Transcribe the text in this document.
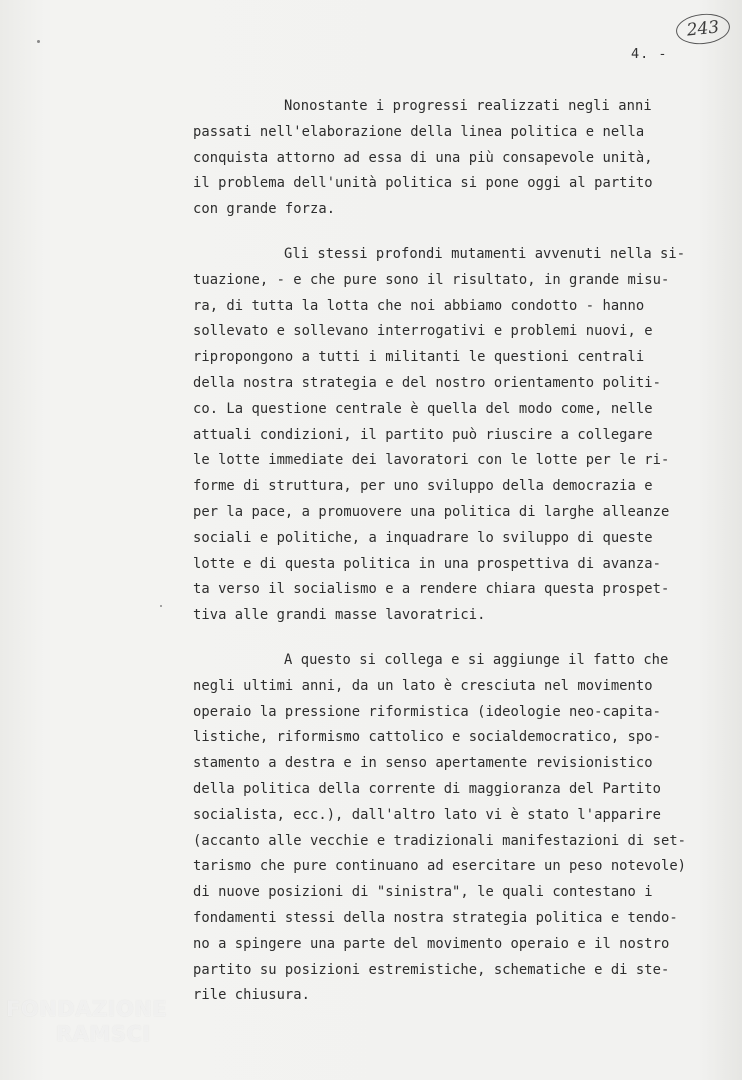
243
4. -
Nonostante i progressi realizzati negli anni
passati nell'elaborazione della linea politica e nella
conquista attorno ad essa di una più consapevole unità,
il problema dell'unità politica si pone oggi al partito
con grande forza.
Gli stessi profondi mutamenti avvenuti nella si-
tuazione, - e che pure sono il risultato, in grande misu-
ra, di tutta la lotta che noi abbiamo condotto - hanno
sollevato e sollevano interrogativi e problemi nuovi, e
ripropongono a tutti i militanti le questioni centrali
della nostra strategia e del nostro orientamento politi-
co. La questione centrale è quella del modo come, nelle
attuali condizioni, il partito può riuscire a collegare
le lotte immediate dei lavoratori con le lotte per le ri-
forme di struttura, per uno sviluppo della democrazia e
per la pace, a promuovere una politica di larghe alleanze
sociali e politiche, a inquadrare lo sviluppo di queste
lotte e di questa politica in una prospettiva di avanza-
ta verso il socialismo e a rendere chiara questa prospet-
tiva alle grandi masse lavoratrici.
A questo si collega e si aggiunge il fatto che
negli ultimi anni, da un lato è cresciuta nel movimento
operaio la pressione riformistica (ideologie neo-capita-
listiche, riformismo cattolico e socialdemocratico, spo-
stamento a destra e in senso apertamente revisionistico
della politica della corrente di maggioranza del Partito
socialista, ecc.), dall'altro lato vi è stato l'apparire
(accanto alle vecchie e tradizionali manifestazioni di set-
tarismo che pure continuano ad esercitare un peso notevole)
di nuove posizioni di "sinistra", le quali contestano i
fondamenti stessi della nostra strategia politica e tendo-
no a spingere una parte del movimento operaio e il nostro
partito su posizioni estremistiche, schematiche e di ste-
rile chiusura.
FONDAZIONE
RAMSCI
